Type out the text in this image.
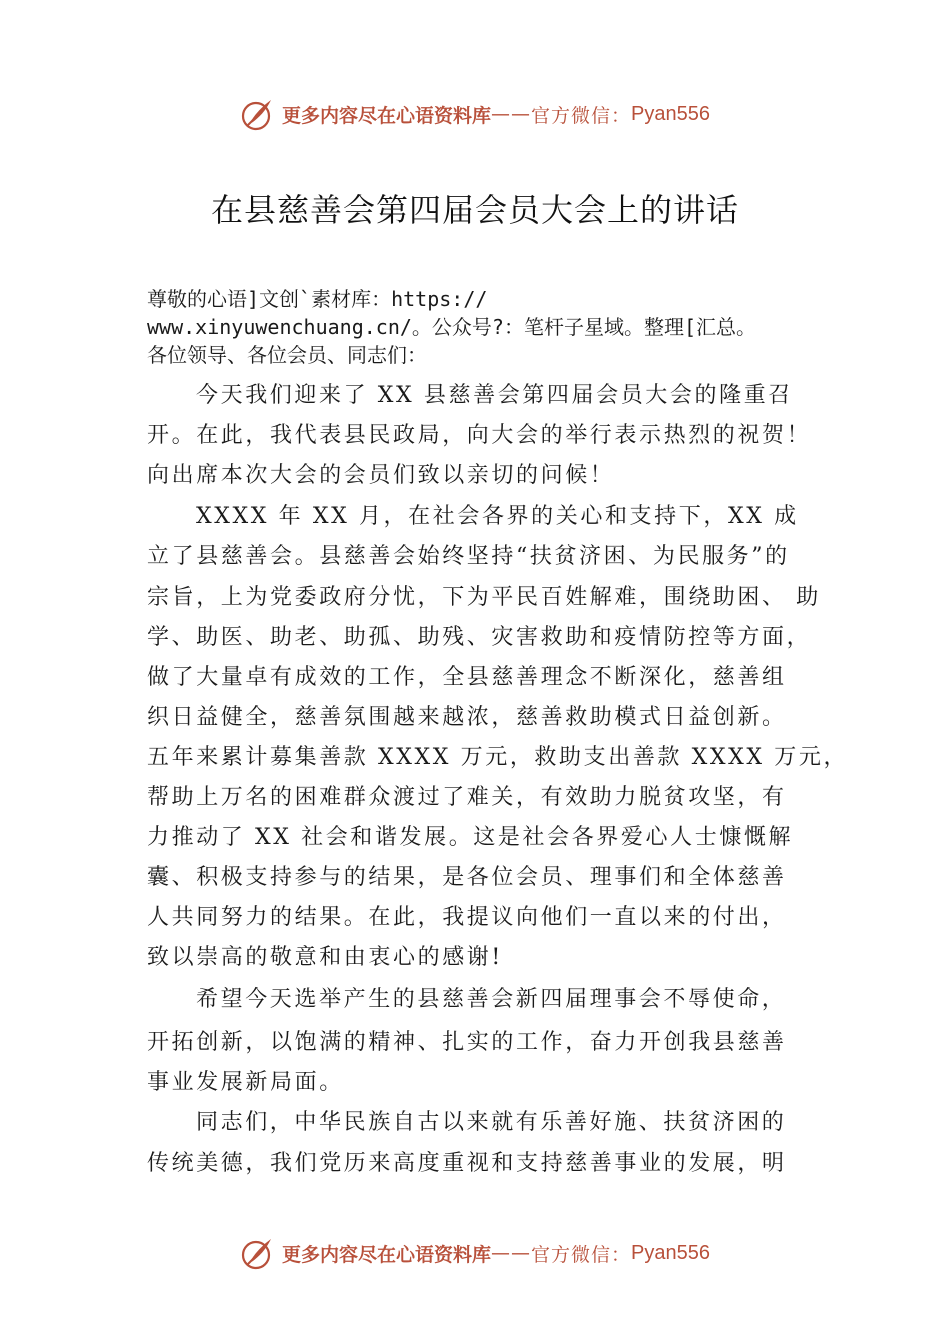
更多内容尽在心语资料库 —— 官方微信： Pyan556
在县慈善会第四届会员大会上的讲话
尊敬的心语]文创`素材库：https://
www.xinyuwenchuang.cn/。公众号?：笔杆子星域。整理[汇总。
各位领导、各位会员、同志们：
今天我们迎来了 XX 县慈善会第四届会员大会的隆重召
开。在此，我代表县民政局，向大会的举行表示热烈的祝贺！
向出席本次大会的会员们致以亲切的问候！
XXXX 年 XX 月，在社会各界的关心和支持下，XX 成
立了县慈善会。县慈善会始终坚持“扶贫济困、为民服务”的
宗旨，上为党委政府分忧，下为平民百姓解难，围绕助困、 助
学、助医、助老、助孤、助残、灾害救助和疫情防控等方面，
做了大量卓有成效的工作，全县慈善理念不断深化，慈善组
织日益健全，慈善氛围越来越浓，慈善救助模式日益创新。
五年来累计募集善款 XXXX 万元，救助支出善款 XXXX 万元，
帮助上万名的困难群众渡过了难关，有效助力脱贫攻坚，有
力推动了 XX 社会和谐发展。这是社会各界爱心人士慷慨解
囊、积极支持参与的结果，是各位会员、理事们和全体慈善
人共同努力的结果。在此，我提议向他们一直以来的付出，
致以崇高的敬意和由衷心的感谢!
希望今天选举产生的县慈善会新四届理事会不辱使命，
开拓创新，以饱满的精神、扎实的工作，奋力开创我县慈善
事业发展新局面。
同志们，中华民族自古以来就有乐善好施、扶贫济困的
传统美德，我们党历来高度重视和支持慈善事业的发展，明
更多内容尽在心语资料库 —— 官方微信： Pyan556
